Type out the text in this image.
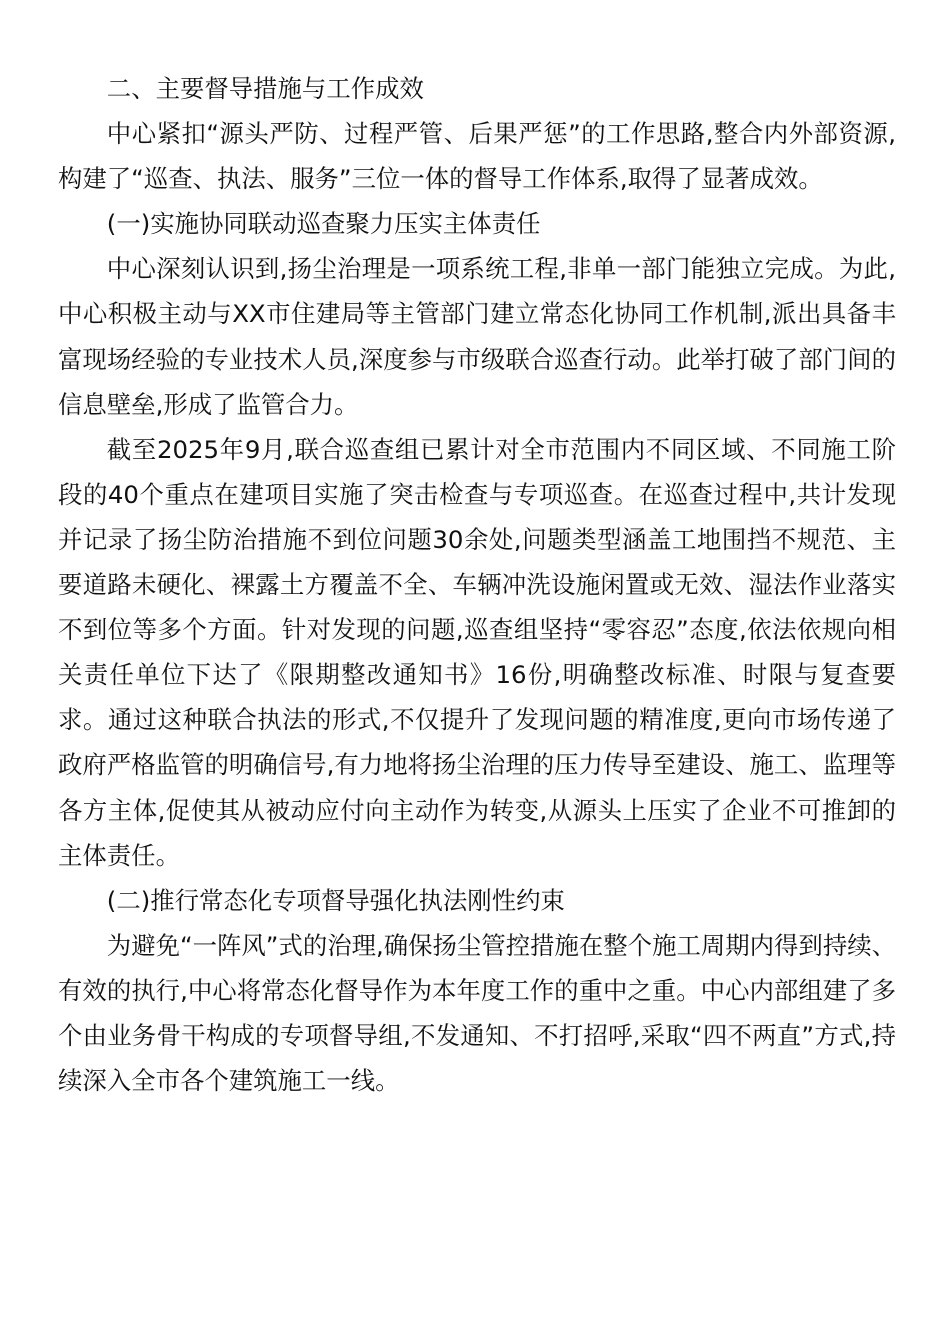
二、主要督导措施与工作成效

中心紧扣“源头严防、过程严管、后果严惩”的工作思路,整合内外部资源,构建了“巡查、执法、服务”三位一体的督导工作体系,取得了显著成效。

(一)实施协同联动巡查聚力压实主体责任

中心深刻认识到,扬尘治理是一项系统工程,非单一部门能独立完成。为此,中心积极主动与XX市住建局等主管部门建立常态化协同工作机制,派出具备丰富现场经验的专业技术人员,深度参与市级联合巡查行动。此举打破了部门间的信息壁垒,形成了监管合力。

截至2025年9月,联合巡查组已累计对全市范围内不同区域、不同施工阶段的40个重点在建项目实施了突击检查与专项巡查。在巡查过程中,共计发现并记录了扬尘防治措施不到位问题30余处,问题类型涵盖工地围挡不规范、主要道路未硬化、裸露土方覆盖不全、车辆冲洗设施闲置或无效、湿法作业落实不到位等多个方面。针对发现的问题,巡查组坚持“零容忍”态度,依法依规向相关责任单位下达了《限期整改通知书》16份,明确整改标准、时限与复查要求。通过这种联合执法的形式,不仅提升了发现问题的精准度,更向市场传递了政府严格监管的明确信号,有力地将扬尘治理的压力传导至建设、施工、监理等各方主体,促使其从被动应付向主动作为转变,从源头上压实了企业不可推卸的主体责任。

(二)推行常态化专项督导强化执法刚性约束

为避免“一阵风”式的治理,确保扬尘管控措施在整个施工周期内得到持续、有效的执行,中心将常态化督导作为本年度工作的重中之重。中心内部组建了多个由业务骨干构成的专项督导组,不发通知、不打招呼,采取“四不两直”方式,持续深入全市各个建筑施工一线。
